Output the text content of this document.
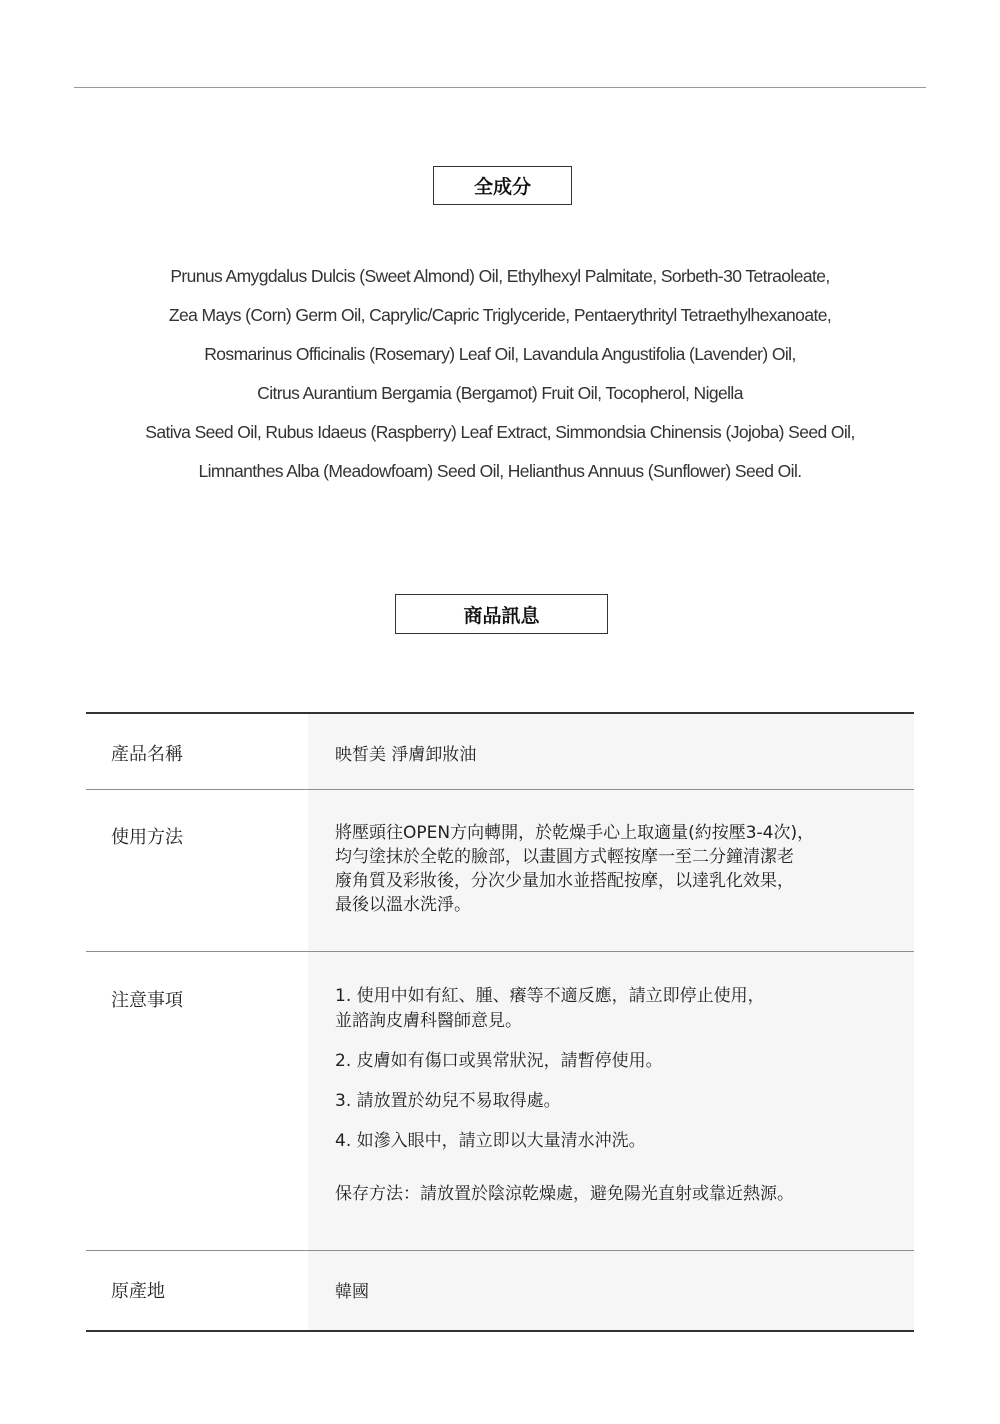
全成分
Prunus Amygdalus Dulcis (Sweet Almond) Oil, Ethylhexyl Palmitate, Sorbeth-30 Tetraoleate,
Zea Mays (Corn) Germ Oil, Caprylic/Capric Triglyceride, Pentaerythrityl Tetraethylhexanoate,
Rosmarinus Officinalis (Rosemary) Leaf Oil, Lavandula Angustifolia (Lavender) Oil,
Citrus Aurantium Bergamia (Bergamot) Fruit Oil, Tocopherol, Nigella
Sativa Seed Oil, Rubus Idaeus (Raspberry) Leaf Extract, Simmondsia Chinensis (Jojoba) Seed Oil,
Limnanthes Alba (Meadowfoam) Seed Oil, Helianthus Annuus (Sunflower) Seed Oil.
商品訊息
產品名稱	映皙美 淨膚卸妝油
使用方法	將壓頭往OPEN方向轉開，於乾燥手心上取適量(約按壓3-4次)，
均勻塗抹於全乾的臉部，以畫圓方式輕按摩一至二分鐘清潔老
廢角質及彩妝後，分次少量加水並搭配按摩，以達乳化效果，
最後以溫水洗淨。
注意事項	1. 使用中如有紅、腫、癢等不適反應，請立即停止使用，
並諮詢皮膚科醫師意見。
2. 皮膚如有傷口或異常狀況，請暫停使用。
3. 請放置於幼兒不易取得處。
4. 如滲入眼中，請立即以大量清水沖洗。
保存方法：請放置於陰涼乾燥處，避免陽光直射或靠近熱源。
原產地	韓國
